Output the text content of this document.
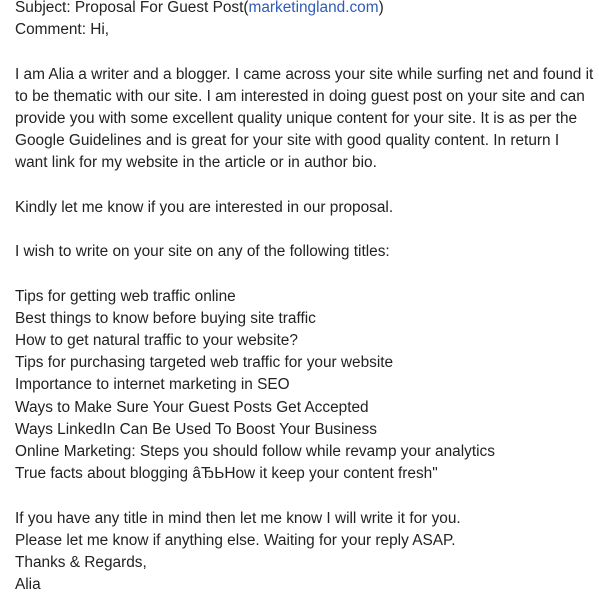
Subject: Proposal For Guest Post(marketingland.com)
Comment: Hi,
I am Alia a writer and a blogger. I came across your site while surfing net and found it
to be thematic with our site. I am interested in doing guest post on your site and can
provide you with some excellent quality unique content for your site. It is as per the
Google Guidelines and is great for your site with good quality content. In return I
want link for my website in the article or in author bio.
Kindly let me know if you are interested in our proposal.
I wish to write on your site on any of the following titles:
Tips for getting web traffic online
Best things to know before buying site traffic
How to get natural traffic to your website?
Tips for purchasing targeted web traffic for your website
Importance to internet marketing in SEO
Ways to Make Sure Your Guest Posts Get Accepted
Ways LinkedIn Can Be Used To Boost Your Business
Online Marketing: Steps you should follow while revamp your analytics
True facts about blogging âЂЬHow it keep your content fresh"
If you have any title in mind then let me know I will write it for you.
Please let me know if anything else. Waiting for your reply ASAP.
Thanks & Regards,
Alia
